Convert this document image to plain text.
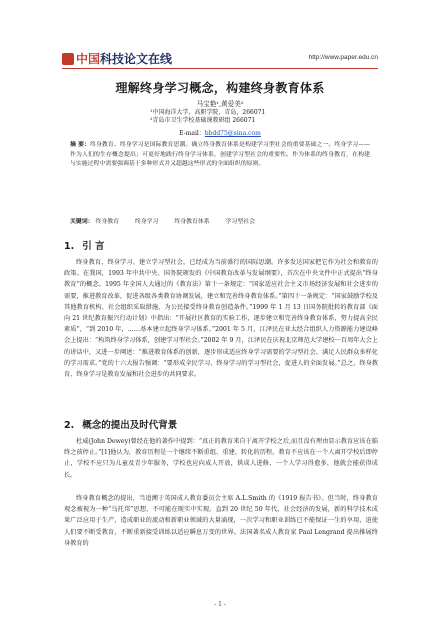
中国 科技论文在线	http://www.paper.edu.cn
理解终身学习概念，构建终身教育体系
马宝艳¹,黄爱美²
¹中国海洋大学，高职学院，青岛，266071
²青岛市卫生学校基础课教研组 266071
E-mail：bbdd75@sina.com
摘 要：终身教育、终身学习是国际教育思潮。确立终身教育体系是构建学习型社会的重要基础之一。终身学习——作为人们的生存概念提出；可更好地践行终身学习体系，创建学习型社会的重要性。作为体系的终身教育，在构建与实施过程中需要强调基于多种形式并又超越这些形式的全面组织的原则。
关键词： 终身教育	终身学习	终身教育体系	学习型社会
1. 引 言

终身教育、终身学习、建立学习型社会，已经成为当前盛行的国际思潮。许多发达国家把它作为社会和教育的政策。在我国，1993 年中共中央、国务院颁发的《中国教育改革与发展纲要》，首次在中央文件中正式提出“终身教育”的概念。1995 年全国人大通过的《教育法》第十一条规定：“国家适应社会主义市场经济发展和社会进步的需要，推进教育改革，促进各级各类教育协调发展，建立和完善终身教育体系。”第四十一条规定：“国家鼓励学校及其他教育机构、社会组织采取措施，为公民接受终身教育创造条件。”1999 年 1 月 13 日国务院批转的教育部《面向 21 世纪教育振兴行动计划》中指出：“开展社区教育的实验工作，逐步建立和完善终身教育体系，努力提高全民素质”，“到 2010 年，……基本建立起终身学习体系。”2001 年 5 月，江泽民在亚太经合组织人力资源能力建设峰会上提出：“构筑终身学习体系，创建学习型社会。”2002 年 9 月，江泽民在庆祝北京师范大学建校一百周年大会上的讲话中，又进一步阐述：“推进教育体系的创新，逐步形成适应终身学习需要的学习型社会，满足人民群众多样化的学习需求。”党的十六大报告强调：“要形成全民学习、终身学习的学习型社会，促进人的全面发展。”总之，终身教育、终身学习是教育发展和社会进步的共同要求。

2. 概念的提出及时代背景

杜威(John Dewey)曾经在他的著作中提到：“真正的教育来自于离开学校之后,而且没有理由显示教育应该在临终之前停止。”[1]他认为，教育历程是一个继续不断重组、重建、转化的历程，教育不应该在一个人离开学校后即停止，学校不应只为儿童及青少年服务，学校也应向成人开放，供成人进修，一个人学习得愈多，他就会能获得成长。

终身教育概念的提出，当追溯于英国成人教育委员会主席 A.L.Smith 的《1919 报告书》。但当时，终身教育观念被视为一种“乌托邦”思想，不可能在现实中实现。直到 20 世纪 50 年代，社会经济的发展，新的科学技术成果广泛应用于生产，造成职业的流动和新职业领域的大量涌现，一次学习和职业训练已不能保证一生的享用，迫使人们要不断受教育，不断重新接受训练以适应瞬息万变的世界。法国著名成人教育家 Paul Lengrand 提出推展终身教育的

- 1 -
